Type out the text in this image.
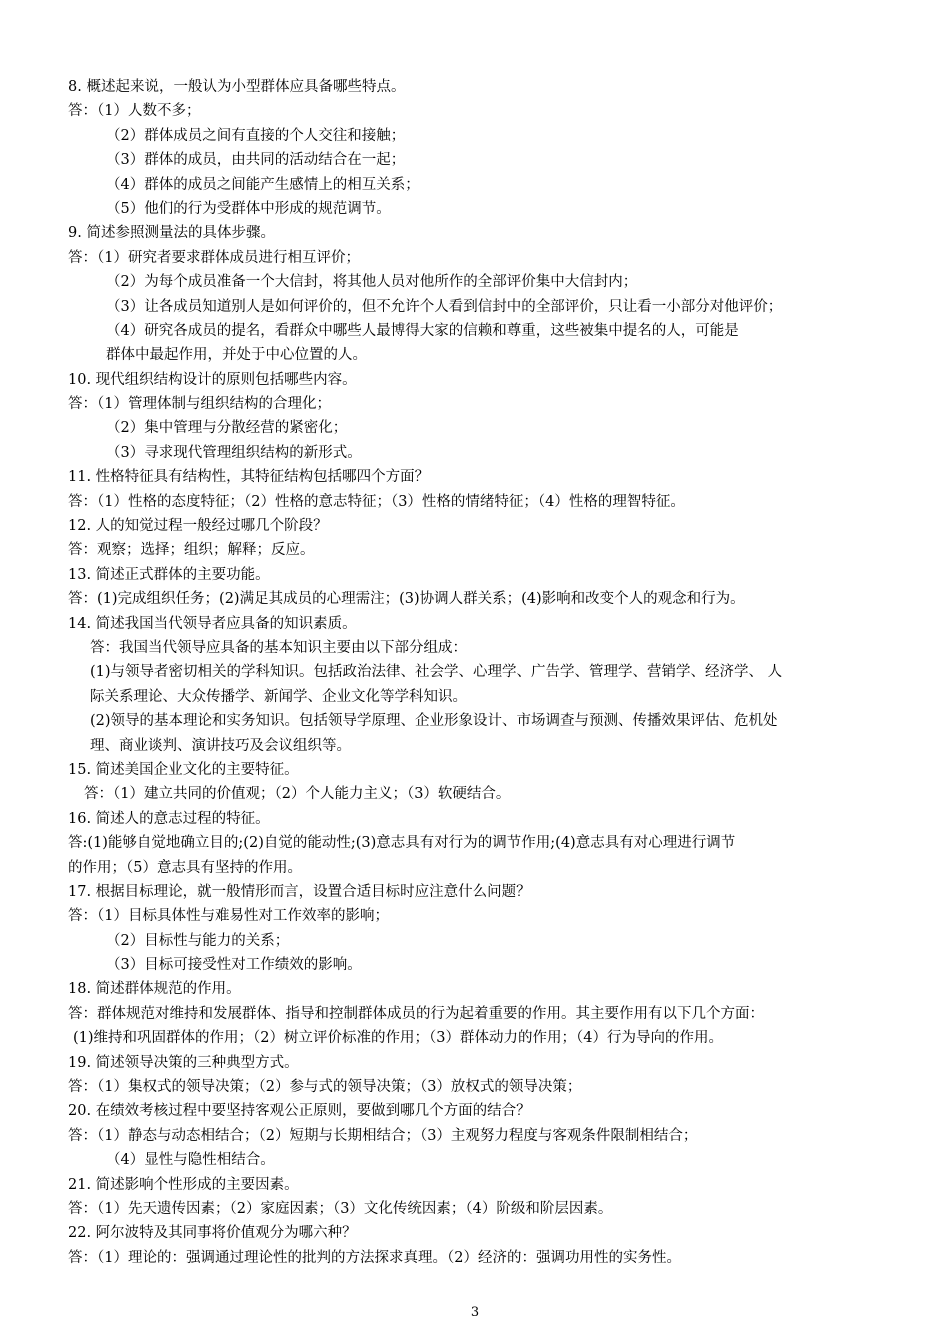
8. 概述起来说，一般认为小型群体应具备哪些特点。
答：（1）人数不多；
（2）群体成员之间有直接的个人交往和接触；
（3）群体的成员，由共同的活动结合在一起；
（4）群体的成员之间能产生感情上的相互关系；
（5）他们的行为受群体中形成的规范调节。
9. 简述参照测量法的具体步骤。
答：（1）研究者要求群体成员进行相互评价；
（2）为每个成员准备一个大信封，将其他人员对他所作的全部评价集中大信封内；
（3）让各成员知道别人是如何评价的，但不允许个人看到信封中的全部评价，只让看一小部分对他评价；
（4）研究各成员的提名，看群众中哪些人最博得大家的信赖和尊重，这些被集中提名的人，可能是
群体中最起作用，并处于中心位置的人。
10. 现代组织结构设计的原则包括哪些内容。
答：（1）管理体制与组织结构的合理化；
（2）集中管理与分散经营的紧密化；
（3）寻求现代管理组织结构的新形式。
11. 性格特征具有结构性，其特征结构包括哪四个方面？
答：（1）性格的态度特征；（2）性格的意志特征；（3）性格的情绪特征；（4）性格的理智特征。
12. 人的知觉过程一般经过哪几个阶段？
答：观察；选择；组织；解释；反应。
13. 简述正式群体的主要功能。
答：(1)完成组织任务；(2)满足其成员的心理需注；(3)协调人群关系；(4)影响和改变个人的观念和行为。
14. 简述我国当代领导者应具备的知识素质。
答：我国当代领导应具备的基本知识主要由以下部分组成：
(1)与领导者密切相关的学科知识。包括政治法律、社会学、心理学、广告学、管理学、营销学、经济学、 人
际关系理论、大众传播学、新闻学、企业文化等学科知识。
(2)领导的基本理论和实务知识。包括领导学原理、企业形象设计、市场调查与预测、传播效果评估、危机处
理、商业谈判、演讲技巧及会议组织等。
15. 简述美国企业文化的主要特征。
答：（1）建立共同的价值观；（2）个人能力主义；（3）软硬结合。
16. 简述人的意志过程的特征。
答:(1)能够自觉地确立目的;(2)自觉的能动性;(3)意志具有对行为的调节作用;(4)意志具有对心理进行调节
的作用；（5）意志具有坚持的作用。
17. 根据目标理论，就一般情形而言，设置合适目标时应注意什么问题？
答：（1）目标具体性与难易性对工作效率的影响；
（2）目标性与能力的关系；
（3）目标可接受性对工作绩效的影响。
18. 简述群体规范的作用。
答：群体规范对维持和发展群体、指导和控制群体成员的行为起着重要的作用。其主要作用有以下几个方面：
(1)维持和巩固群体的作用；（2）树立评价标准的作用；（3）群体动力的作用；（4）行为导向的作用。
19. 简述领导决策的三种典型方式。
答：（1）集权式的领导决策；（2）参与式的领导决策；（3）放权式的领导决策；
20. 在绩效考核过程中要坚持客观公正原则，要做到哪几个方面的结合？
答：（1）静态与动态相结合；（2）短期与长期相结合；（3）主观努力程度与客观条件限制相结合；
（4）显性与隐性相结合。
21. 简述影响个性形成的主要因素。
答：（1）先天遗传因素；（2）家庭因素；（3）文化传统因素；（4）阶级和阶层因素。
22. 阿尔波特及其同事将价值观分为哪六种？
答：（1）理论的：强调通过理论性的批判的方法探求真理。（2）经济的：强调功用性的实务性。
3
